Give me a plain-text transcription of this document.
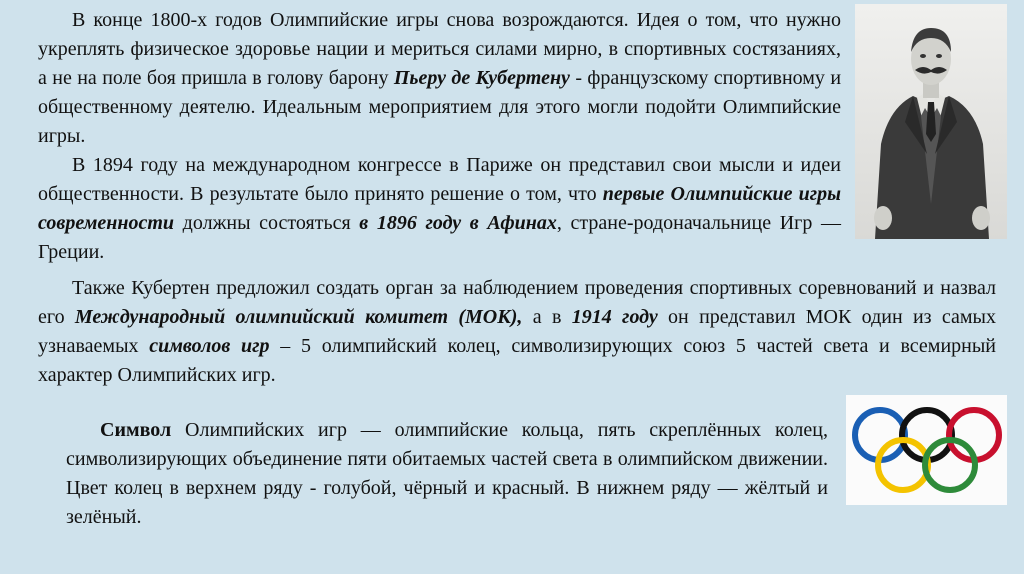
В конце 1800-х годов Олимпийские игры снова возрождаются. Идея о том, что нужно укреплять физическое здоровье нации и мериться силами мирно, в спортивных состязаниях, а не на поле боя пришла в голову барону Пьеру де Кубертену - французскому спортивному и общественному деятелю. Идеальным мероприятием для этого могли подойти Олимпийские игры.

В 1894 году на международном конгрессе в Париже он представил свои мысли и идеи общественности. В результате было принято решение о том, что первые Олимпийские игры современности должны состояться в 1896 году в Афинах, стране-родоначальнице Игр — Греции.

Также Кубертен предложил создать орган за наблюдением проведения спортивных соревнований и назвал его Международный олимпийский комитет (МОК), а в 1914 году он представил МОК один из самых узнаваемых символов игр – 5 олимпийский колец, символизирующих союз 5 частей света и всемирный характер Олимпийских игр.

Символ Олимпийских игр — олимпийские кольца, пять скреплённых колец, символизирующих объединение пяти обитаемых частей света в олимпийском движении. Цвет колец в верхнем ряду - голубой, чёрный и красный. В нижнем ряду — жёлтый и зелёный.
